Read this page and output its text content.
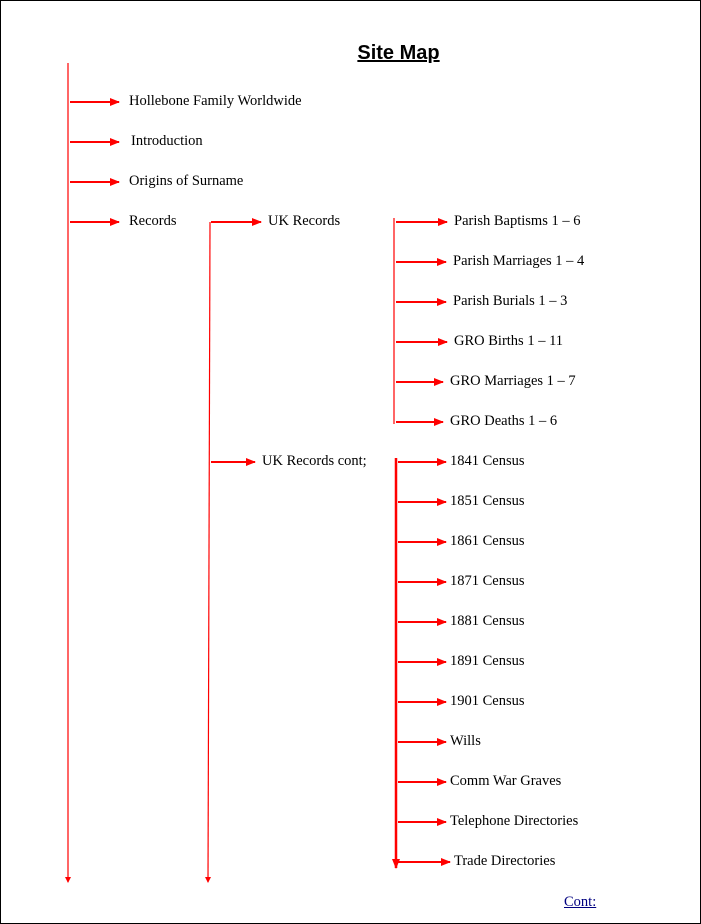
Site Map
Hollebone Family Worldwide
Introduction
Origins of Surname
Records	UK Records
UK Records cont;
Parish Baptisms 1 – 6
Parish Marriages 1 – 4
Parish Burials 1 – 3
GRO Births 1 – 11
GRO Marriages 1 – 7
GRO Deaths 1 – 6
1841 Census
1851 Census
1861 Census
1871 Census
1881 Census
1891 Census
1901 Census
Wills
Comm War Graves
Telephone Directories
Trade Directories
Cont:
